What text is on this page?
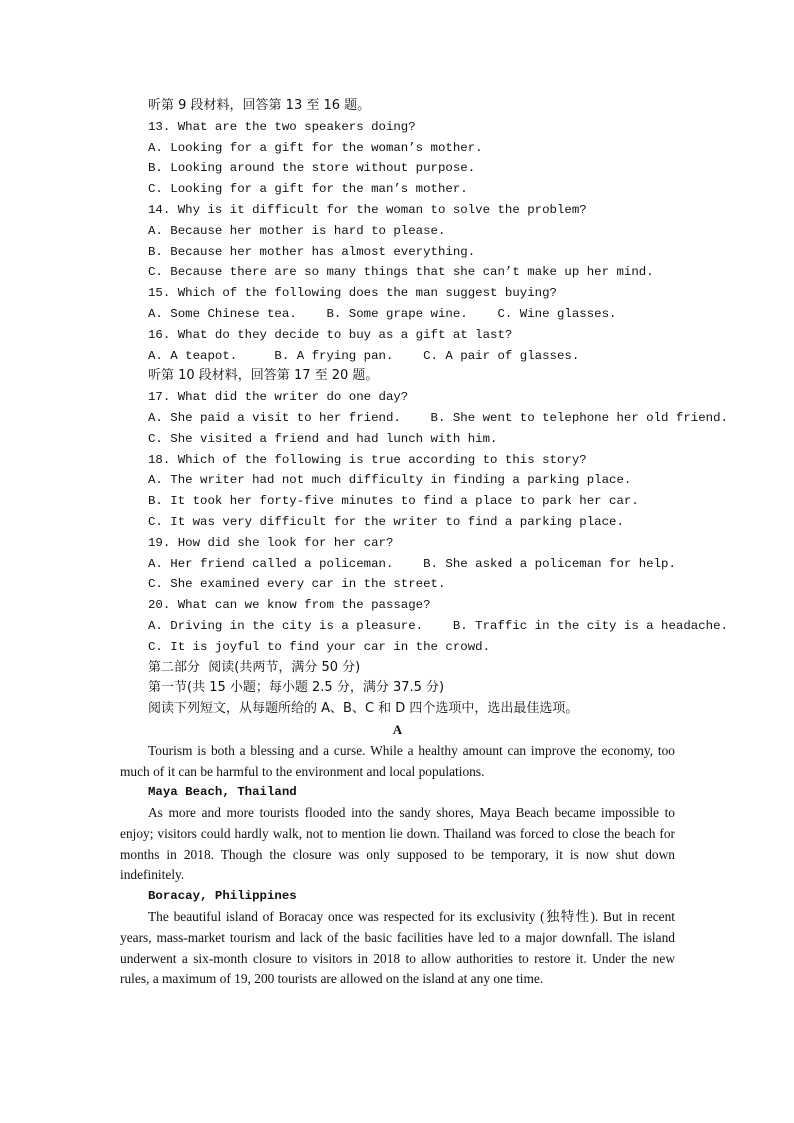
听第 9 段材料，回答第 13 至 16 题。
13. What are the two speakers doing?
A. Looking for a gift for the woman’s mother.
B. Looking around the store without purpose.
C. Looking for a gift for the man’s mother.
14. Why is it difficult for the woman to solve the problem?
A. Because her mother is hard to please.
B. Because her mother has almost everything.
C. Because there are so many things that she can’t make up her mind.
15. Which of the following does the man suggest buying?
A. Some Chinese tea.    B. Some grape wine.    C. Wine glasses.
16. What do they decide to buy as a gift at last?
A. A teapot.     B. A frying pan.    C. A pair of glasses.
听第 10 段材料，回答第 17 至 20 题。
17. What did the writer do one day?
A. She paid a visit to her friend.    B. She went to telephone her old friend.
C. She visited a friend and had lunch with him.
18. Which of the following is true according to this story?
A. The writer had not much difficulty in finding a parking place.
B. It took her forty-five minutes to find a place to park her car.
C. It was very difficult for the writer to find a parking place.
19. How did she look for her car?
A. Her friend called a policeman.    B. She asked a policeman for help.
C. She examined every car in the street.
20. What can we know from the passage?
A. Driving in the city is a pleasure.    B. Traffic in the city is a headache.
C. It is joyful to find your car in the crowd.
第二部分  阅读(共两节，满分 50 分)
第一节(共 15 小题；每小题 2.5 分，满分 37.5 分)
阅读下列短文，从每题所给的 A、B、C 和 D 四个选项中，选出最佳选项。
A

Tourism is both a blessing and a curse. While a healthy amount can improve the economy, too much of it can be harmful to the environment and local populations.

Maya Beach, Thailand

As more and more tourists flooded into the sandy shores, Maya Beach became impossible to enjoy; visitors could hardly walk, not to mention lie down. Thailand was forced to close the beach for months in 2018. Though the closure was only supposed to be temporary, it is now shut down indefinitely.

Boracay, Philippines

The beautiful island of Boracay once was respected for its exclusivity (独特性). But in recent years, mass-market tourism and lack of the basic facilities have led to a major downfall. The island underwent a six-month closure to visitors in 2018 to allow authorities to restore it. Under the new rules, a maximum of 19, 200 tourists are allowed on the island at any one time.
